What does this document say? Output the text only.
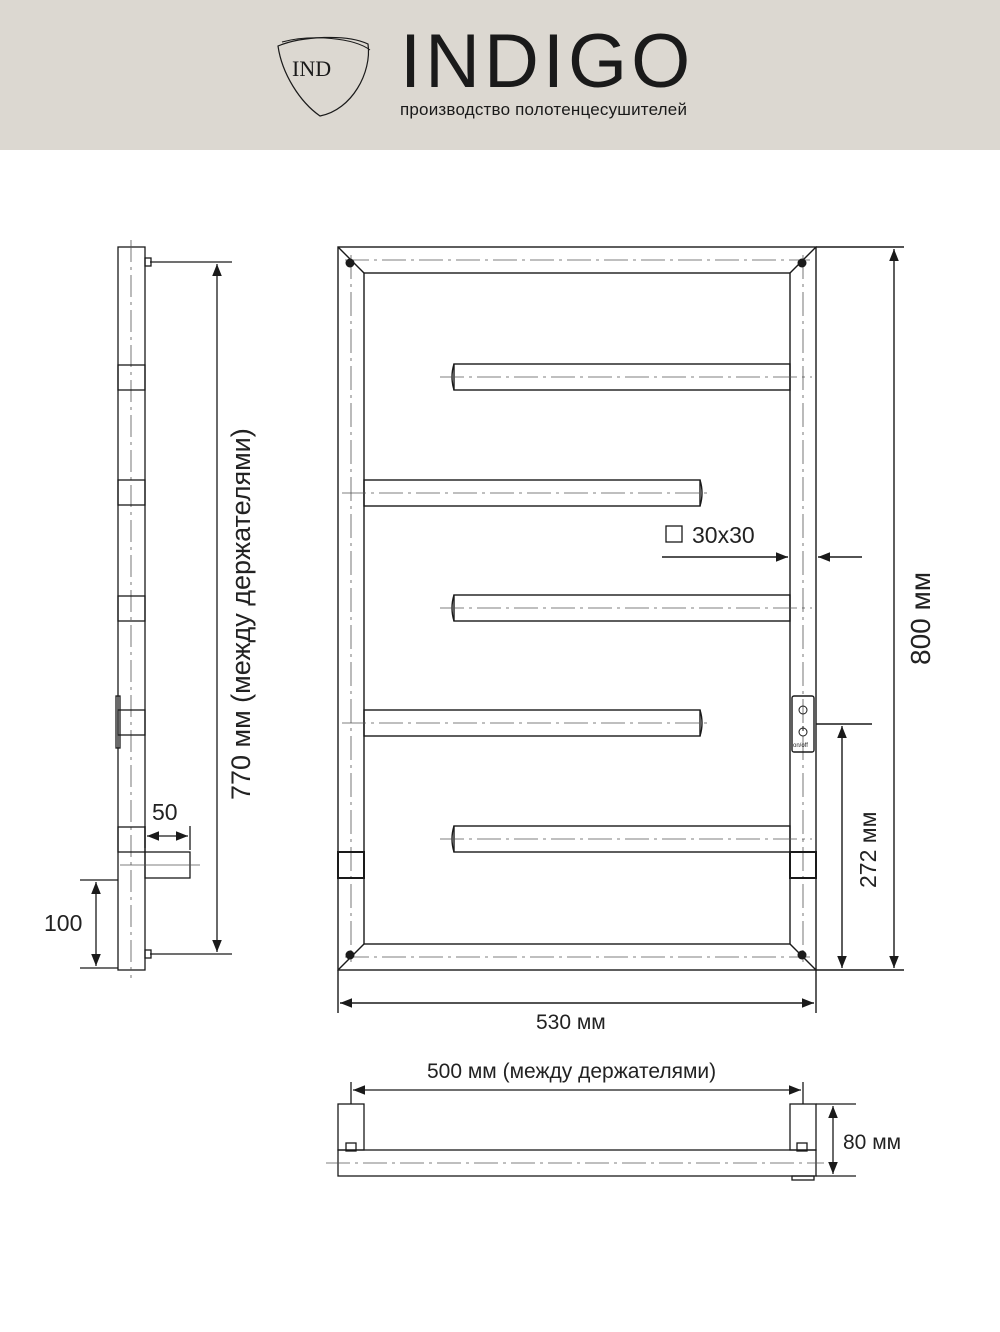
IND INDIGO
производство полотенцесушителей
770 мм (между держателями)
50
100
800 мм
272 мм
530 мм
30x30
on/off
500 мм (между держателями)
80 мм
